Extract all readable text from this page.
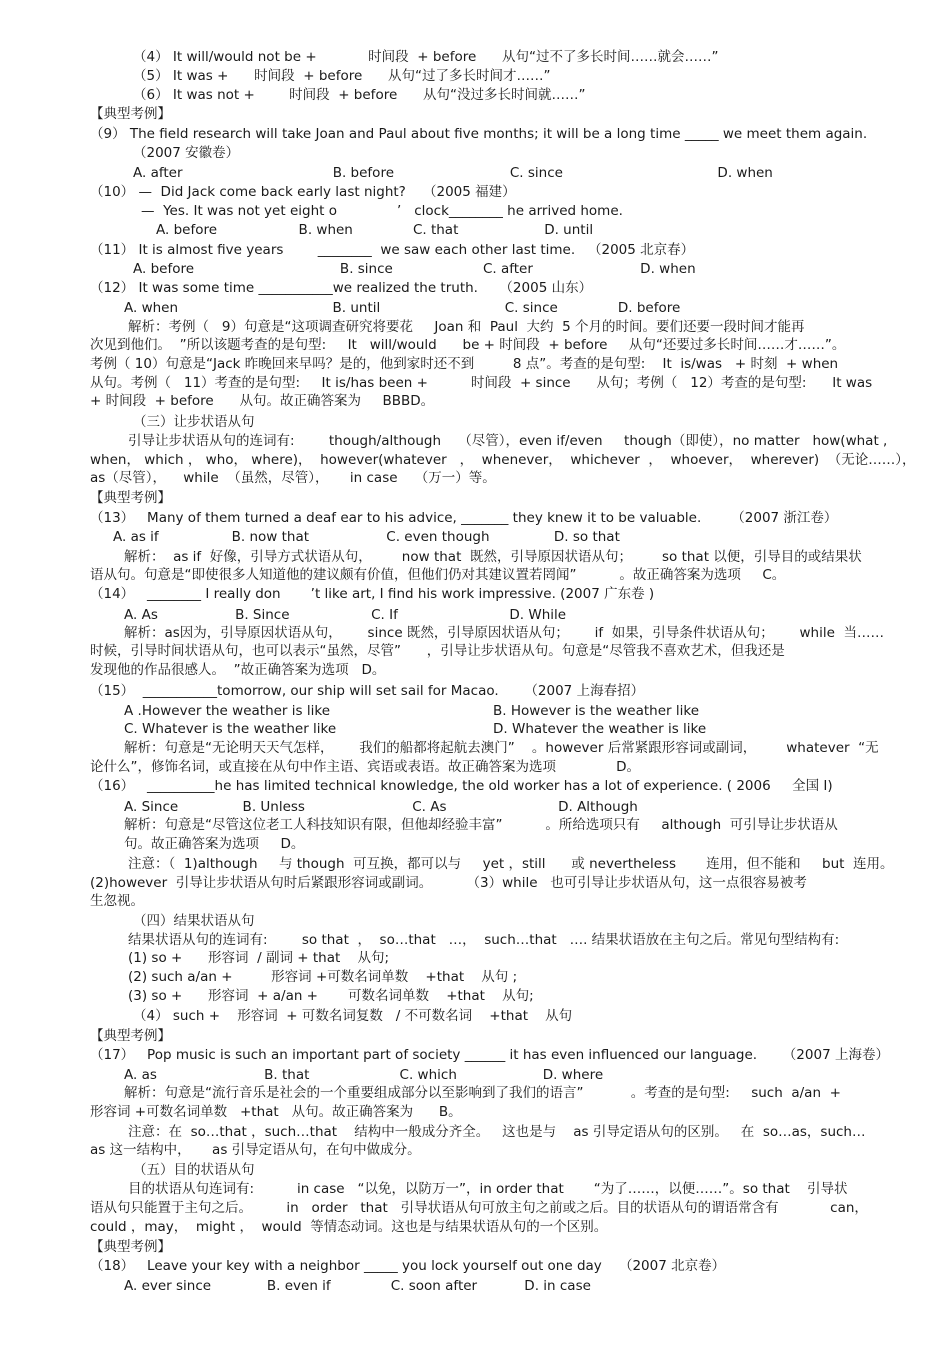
（4） It will/would not be +            时间段  + before      从句“过不了多长时间……就会……”
（5） It was +      时间段  + before      从句“过了多长时间才……”
（6） It was not +        时间段  + before      从句“没过多长时间就……”
【典型考例】
（9） The field research will take Joan and Paul about five months; it will be a long time _____ we meet them again.
（2007 安徽卷）
A. after                                   B. before                           C. since                                    D. when
（10） —  Did Jack come back early last night?    （2005 福建）
—  Yes. It was not yet eight o              ’   clock________ he arrived home.
A. before                   B. when              C. that                    D. until
（11） It is almost five years        ________  we saw each other last time.   （2005 北京春）
A. before                                  B. since                     C. after                         D. when
（12） It was some time ___________we realized the truth.     （2005 山东）
A. when                                    B. until                             C. since              D. before
解析：考例（   9）句意是“这项调查研究将要花     Joan 和  Paul  大约  5 个月的时间。要们还要一段时间才能再
次见到他们。  ”所以该题考查的是句型:     It   will/would      be + 时间段  + before     从句“还要过多长时间……才……”。
考例（ 10）句意是“Jack 昨晚回来早吗？是的，他到家时还不到         8 点”。考查的是句型:    It  is/was   + 时刻  + when
从句。考例（   11）考查的是句型:     It is/has been +          时间段  + since      从句；考例（   12）考查的是句型:      It was
+ 时间段  + before      从句。故正确答案为     BBBD。
（三）让步状语从句
引导让步状语从句的连词有:        though/although    （尽管），even if/even     though（即使），no matter   how(what ,
when， which ， who， where)，  however(whatever   ，  whenever，  whichever  ，  whoever，  wherever)  （无论……），
as（尽管），    while  （虽然，尽管），     in case    （万一）等。
【典型考例】
（13）   Many of them turned a deaf ear to his advice, _______ they knew it to be valuable.       （2007 浙江卷）
A. as if                 B. now that                  C. even though               D. so that
解析：  as if  好像，引导方式状语从句，       now that  既然，引导原因状语从句；       so that 以便，引导目的或结果状
语从句。句意是“即使很多人知道他的建议颇有价值，但他们仍对其建议置若罔闻”          。故正确答案为选项     C。
（14）   ________ I really don       ’t like art, I find his work impressive. (2007 广东卷 )
A. As                  B. Since                   C. If                          D. While
解析：as因为，引导原因状语从句，      since 既然，引导原因状语从句；      if  如果，引导条件状语从句；      while  当……
时候，引导时间状语从句，也可以表示“虽然，尽管”      ，引导让步状语从句。句意是“尽管我不喜欢艺术，但我还是
发现他的作品很感人。  ”故正确答案为选项   D。
（15）  ___________tomorrow, our ship will set sail for Macao.      （2007 上海春招）
A .However the weather is like	B. However is the weather like
C. Whatever is the weather like	D. Whatever the weather is like
解析：句意是“无论明天天气怎样，      我们的船都将起航去澳门”    。however 后常紧跟形容词或副词，       whatever  “无
论什么”，修饰名词，或直接在从句中作主语、宾语或表语。故正确答案为选项              D。
（16）   __________he has limited technical knowledge, the old worker has a lot of experience. ( 2006     全国 I)
A. Since               B. Unless                         C. As                          D. Although
解析：句意是“尽管这位老工人科技知识有限，但他却经验丰富”          。所给选项只有     although  可引导让步状语从
句。故正确答案为选项     D。
注意：（  1)although     与 though  可互换，都可以与     yet ，still      或 nevertheless       连用，但不能和     but  连用。
(2)however  引导让步状语从句时后紧跟形容词或副词。        （3）while   也可引导让步状语从句，这一点很容易被考
生忽视。
（四）结果状语从句
结果状语从句的连词有:        so that  ，  so…that   …，  such…that   …. 结果状语放在主句之后。常见句型结构有:
(1) so +      形容词  / 副词 + that    从句;
(2) such a/an +         形容词 +可数名词单数    +that    从句 ;
(3) so +      形容词  + a/an +       可数名词单数    +that    从句;
（4） such +    形容词  + 可数名词复数   / 不可数名词    +that    从句
【典型考例】
（17）   Pop music is such an important part of society ______ it has even influenced our language.      （2007 上海卷）
A. as                         B. that                     C. which                    D. where
解析：句意是“流行音乐是社会的一个重要组成部分以至影响到了我们的语言”           。考查的是句型:     such  a/an  +
形容词 +可数名词单数   +that   从句。故正确答案为      B。
注意：在  so…that ，such…that    结构中一般成分齐全。   这也是与    as 引导定语从句的区别。   在  so…as，such…
as 这一结构中，     as 引导定语从句，在句中做成分。
（五）目的状语从句
目的状语从句连词有:          in case   “以免，以防万一”，in order that       “为了……，以便……”。so that    引导状
语从句只能置于主句之后。        in   order   that   引导状语从句可放主句之前或之后。目的状语从句的谓语常含有            can，
could ，may，  might ，  would  等情态动词。这也是与结果状语从句的一个区别。
【典型考例】
（18）   Leave your key with a neighbor _____ you lock yourself out one day    （2007 北京卷）
A. ever since             B. even if              C. soon after           D. in case
